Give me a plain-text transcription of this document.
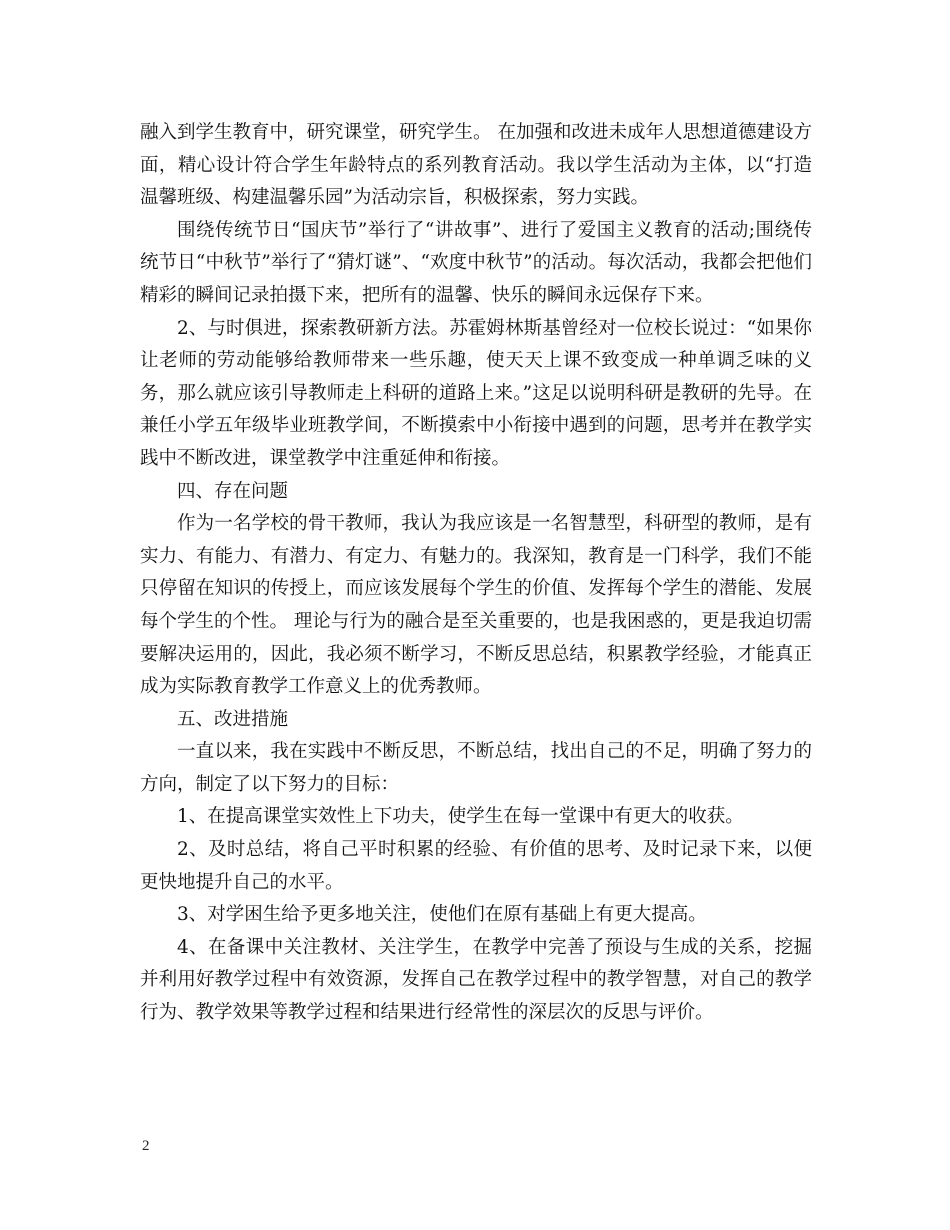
融入到学生教育中，研究课堂，研究学生。 在加强和改进未成年人思想道德建设方面，精心设计符合学生年龄特点的系列教育活动。我以学生活动为主体，以“打造温馨班级、构建温馨乐园”为活动宗旨，积极探索，努力实践。

围绕传统节日“国庆节”举行了“讲故事”、进行了爱国主义教育的活动;围绕传统节日“中秋节”举行了“猜灯谜”、“欢度中秋节”的活动。每次活动，我都会把他们精彩的瞬间记录拍摄下来，把所有的温馨、快乐的瞬间永远保存下来。

2、与时俱进，探索教研新方法。苏霍姆林斯基曾经对一位校长说过：“如果你让老师的劳动能够给教师带来一些乐趣，使天天上课不致变成一种单调乏味的义务，那么就应该引导教师走上科研的道路上来。”这足以说明科研是教研的先导。在兼任小学五年级毕业班教学间，不断摸索中小衔接中遇到的问题，思考并在教学实践中不断改进，课堂教学中注重延伸和衔接。

四、存在问题

作为一名学校的骨干教师，我认为我应该是一名智慧型，科研型的教师，是有实力、有能力、有潜力、有定力、有魅力的。我深知，教育是一门科学，我们不能只停留在知识的传授上，而应该发展每个学生的价值、发挥每个学生的潜能、发展每个学生的个性。 理论与行为的融合是至关重要的，也是我困惑的，更是我迫切需要解决运用的，因此，我必须不断学习，不断反思总结，积累教学经验，才能真正成为实际教育教学工作意义上的优秀教师。

五、改进措施

一直以来，我在实践中不断反思，不断总结，找出自己的不足，明确了努力的方向，制定了以下努力的目标：

1、在提高课堂实效性上下功夫，使学生在每一堂课中有更大的收获。

2、及时总结，将自己平时积累的经验、有价值的思考、及时记录下来，以便更快地提升自己的水平。

3、对学困生给予更多地关注，使他们在原有基础上有更大提高。

4、在备课中关注教材、关注学生，在教学中完善了预设与生成的关系，挖掘并利用好教学过程中有效资源，发挥自己在教学过程中的教学智慧，对自己的教学行为、教学效果等教学过程和结果进行经常性的深层次的反思与评价。

2
